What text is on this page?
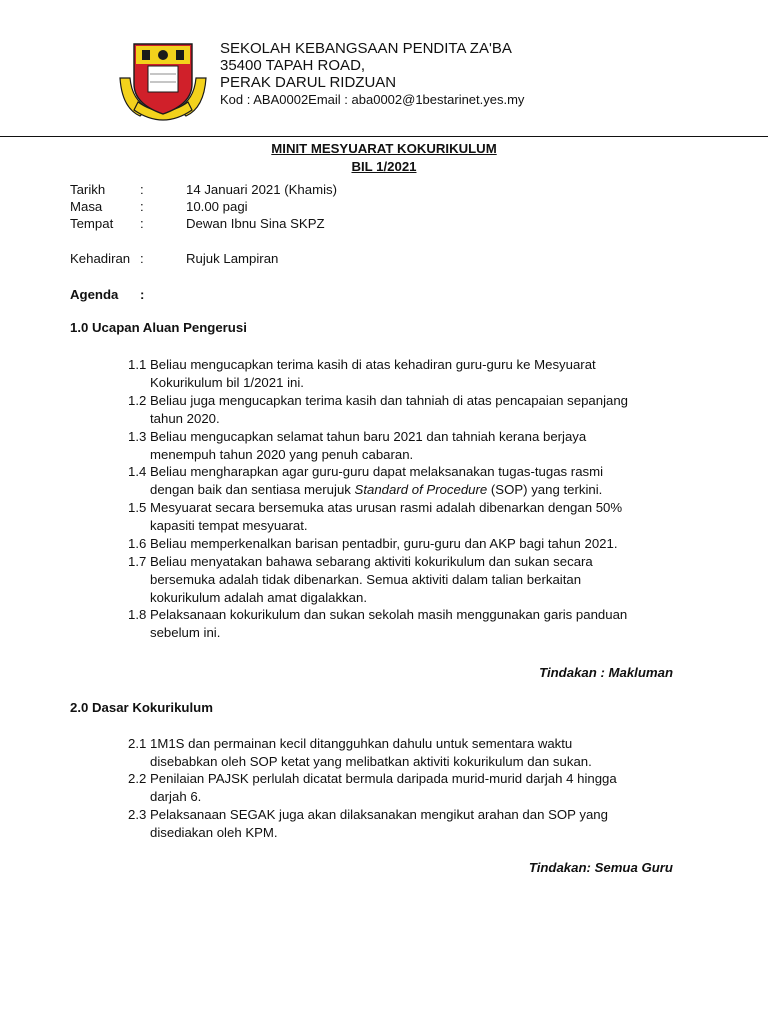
SEKOLAH KEBANGSAAN PENDITA ZA'BA
35400 TAPAH ROAD,
PERAK DARUL RIDZUAN
Kod : ABA0002Email : aba0002@1bestarinet.yes.my
MINIT MESYUARAT KOKURIKULUM
BIL 1/2021
Tarikh	:	14 Januari 2021 (Khamis)
Masa	:	10.00 pagi
Tempat	:	Dewan Ibnu Sina SKPZ
Kehadiran :	Rujuk Lampiran
Agenda :
1.0 Ucapan Aluan Pengerusi
1.1 Beliau mengucapkan terima kasih di atas kehadiran guru-guru ke Mesyuarat
Kokurikulum bil 1/2021 ini.
1.2 Beliau juga mengucapkan terima kasih dan tahniah di atas pencapaian sepanjang
tahun 2020.
1.3 Beliau mengucapkan selamat tahun baru 2021 dan tahniah kerana berjaya
menempuh tahun 2020 yang penuh cabaran.
1.4 Beliau mengharapkan agar guru-guru dapat melaksanakan tugas-tugas rasmi
dengan baik dan sentiasa merujuk Standard of Procedure (SOP) yang terkini.
1.5 Mesyuarat secara bersemuka atas urusan rasmi adalah dibenarkan dengan 50%
kapasiti tempat mesyuarat.
1.6 Beliau memperkenalkan barisan pentadbir, guru-guru dan AKP bagi tahun 2021.
1.7 Beliau menyatakan bahawa sebarang aktiviti kokurikulum dan sukan secara
bersemuka adalah tidak dibenarkan. Semua aktiviti dalam talian berkaitan
kokurikulum adalah amat digalakkan.
1.8 Pelaksanaan kokurikulum dan sukan sekolah masih menggunakan garis panduan
sebelum ini.
Tindakan : Makluman
2.0 Dasar Kokurikulum
2.1 1M1S dan permainan kecil ditangguhkan dahulu untuk sementara waktu
disebabkan oleh SOP ketat yang melibatkan aktiviti kokurikulum dan sukan.
2.2 Penilaian PAJSK perlulah dicatat bermula daripada murid-murid darjah 4 hingga
darjah 6.
2.3 Pelaksanaan SEGAK juga akan dilaksanakan mengikut arahan dan SOP yang
disediakan oleh KPM.
Tindakan: Semua Guru
